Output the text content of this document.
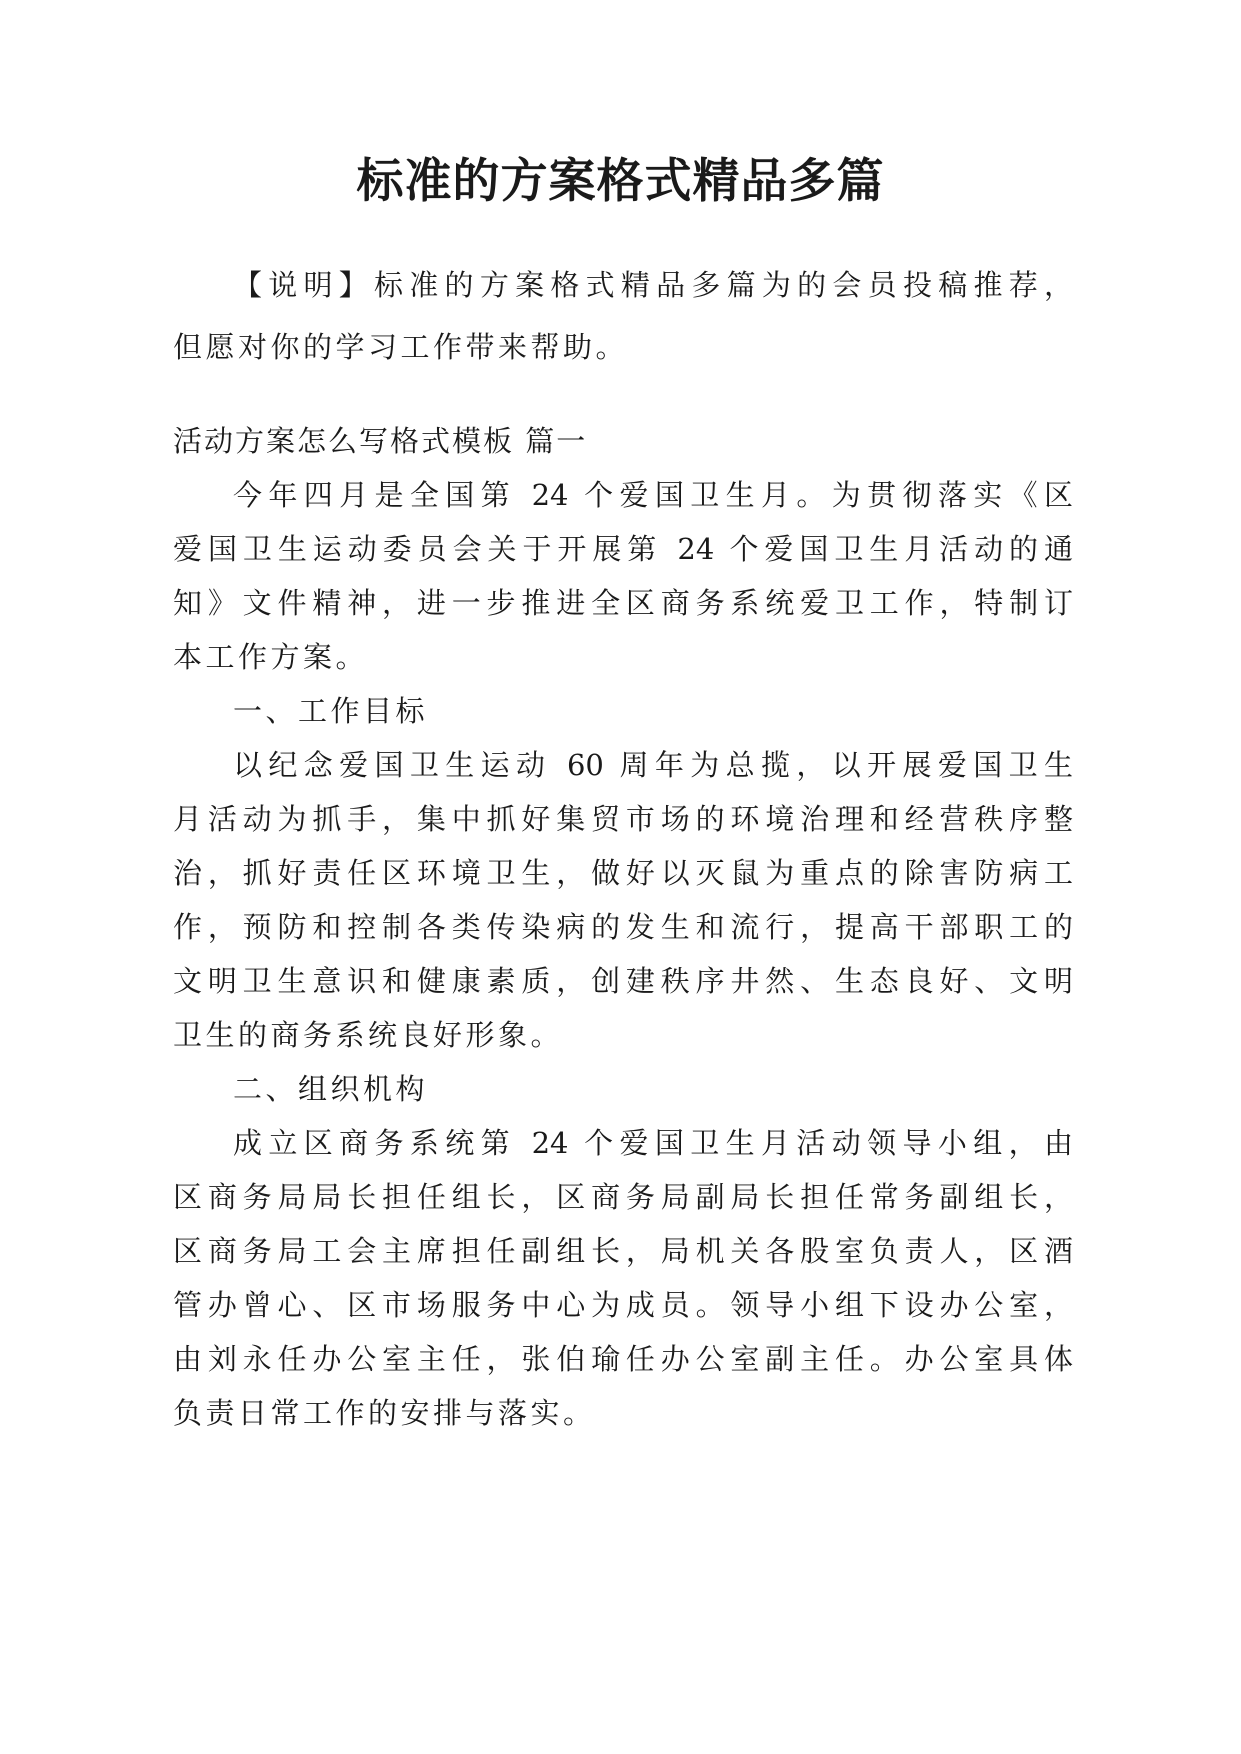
标准的方案格式精品多篇

【说明】标准的方案格式精品多篇为的会员投稿推荐，

但愿对你的学习工作带来帮助。

活动方案怎么写格式模板 篇一

今年四月是全国第 24 个爱国卫生月。为贯彻落实《区

爱国卫生运动委员会关于开展第 24 个爱国卫生月活动的通

知》文件精神，进一步推进全区商务系统爱卫工作，特制订

本工作方案。

一、工作目标

以纪念爱国卫生运动 60 周年为总揽，以开展爱国卫生

月活动为抓手，集中抓好集贸市场的环境治理和经营秩序整

治，抓好责任区环境卫生，做好以灭鼠为重点的除害防病工

作，预防和控制各类传染病的发生和流行，提高干部职工的

文明卫生意识和健康素质，创建秩序井然、生态良好、文明

卫生的商务系统良好形象。

二、组织机构

成立区商务系统第 24 个爱国卫生月活动领导小组，由

区商务局局长担任组长，区商务局副局长担任常务副组长，

区商务局工会主席担任副组长，局机关各股室负责人，区酒

管办曾心、区市场服务中心为成员。领导小组下设办公室，

由刘永任办公室主任，张伯瑜任办公室副主任。办公室具体

负责日常工作的安排与落实。
